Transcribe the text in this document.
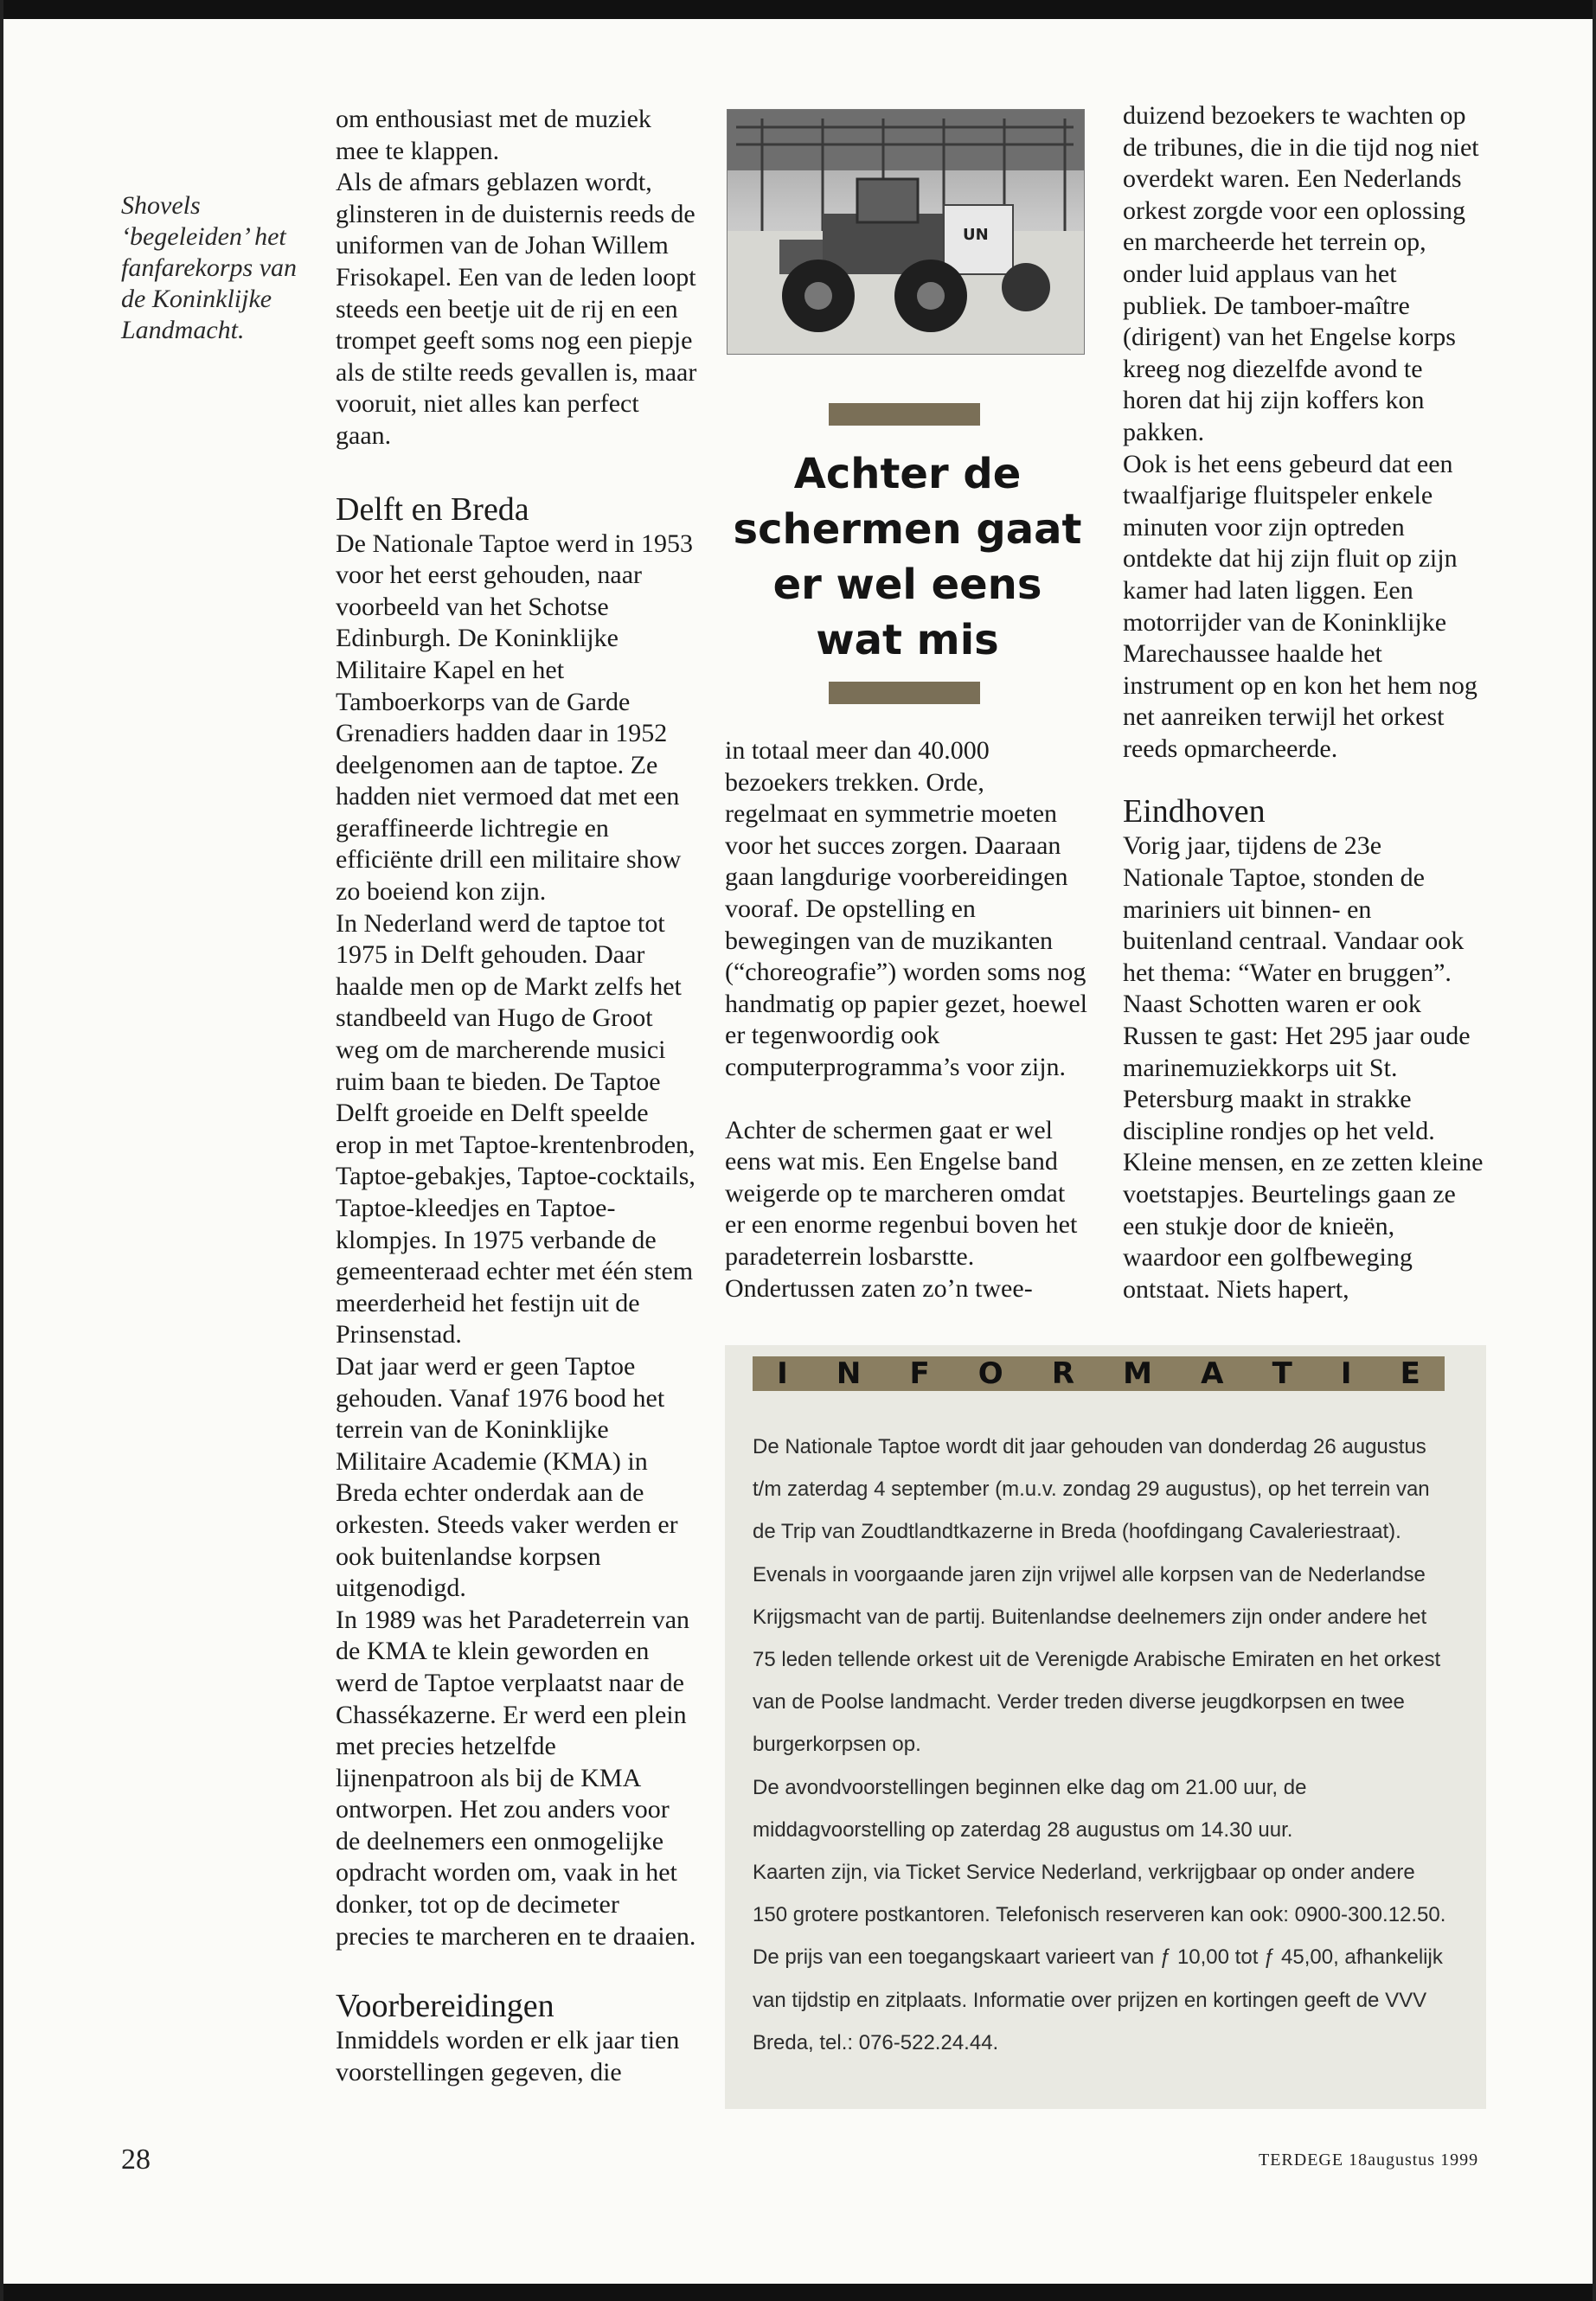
Shovels ‘begeleiden’ het fanfarekorps van de Koninklijke Landmacht.

om enthousiast met de muziek mee te klappen.

Als de afmars geblazen wordt, glinsteren in de duisternis reeds de uniformen van de Johan Willem Frisokapel. Een van de leden loopt steeds een beetje uit de rij en een trompet geeft soms nog een piepje als de stilte reeds gevallen is, maar vooruit, niet alles kan perfect gaan.

Delft en Breda

De Nationale Taptoe werd in 1953 voor het eerst gehouden, naar voorbeeld van het Schotse Edinburgh. De Koninklijke Militaire Kapel en het Tamboerkorps van de Garde Grenadiers hadden daar in 1952 deelgenomen aan de taptoe. Ze hadden niet vermoed dat met een geraffineerde lichtregie en efficiënte drill een militaire show zo boeiend kon zijn.

In Nederland werd de taptoe tot 1975 in Delft gehouden. Daar haalde men op de Markt zelfs het standbeeld van Hugo de Groot weg om de marcherende musici ruim baan te bieden. De Taptoe Delft groeide en Delft speelde erop in met Taptoe-krentenbroden, Taptoe-gebakjes, Taptoe-cocktails, Taptoe-kleedjes en Taptoe-klompjes. In 1975 verbande de gemeenteraad echter met één stem meerderheid het festijn uit de Prinsenstad.

Dat jaar werd er geen Taptoe gehouden. Vanaf 1976 bood het terrein van de Koninklijke Militaire Academie (KMA) in Breda echter onderdak aan de orkesten. Steeds vaker werden er ook buitenlandse korpsen uitgenodigd.

In 1989 was het Paradeterrein van de KMA te klein geworden en werd de Taptoe verplaatst naar de Chassékazerne. Er werd een plein met precies hetzelfde lijnenpatroon als bij de KMA ontworpen. Het zou anders voor de deelnemers een onmogelijke opdracht worden om, vaak in het donker, tot op de decimeter precies te marcheren en te draaien.

Voorbereidingen

Inmiddels worden er elk jaar tien voorstellingen gegeven, die

UN
Achter de schermen gaat er wel eens wat mis

in totaal meer dan 40.000 bezoekers trekken. Orde, regelmaat en symmetrie moeten voor het succes zorgen. Daaraan gaan langdurige voorbereidingen vooraf. De opstelling en bewegingen van de muzikanten (“choreografie”) worden soms nog handmatig op papier gezet, hoewel er tegenwoordig ook computerprogramma’s voor zijn.

Achter de schermen gaat er wel eens wat mis. Een Engelse band weigerde op te marcheren omdat er een enorme regenbui boven het paradeterrein losbarstte. Ondertussen zaten zo’n twee-

duizend bezoekers te wachten op de tribunes, die in die tijd nog niet overdekt waren. Een Nederlands orkest zorgde voor een oplossing en marcheerde het terrein op, onder luid applaus van het publiek. De tamboer-maître (dirigent) van het Engelse korps kreeg nog diezelfde avond te horen dat hij zijn koffers kon pakken.

Ook is het eens gebeurd dat een twaalfjarige fluitspeler enkele minuten voor zijn optreden ontdekte dat hij zijn fluit op zijn kamer had laten liggen. Een motorrijder van de Koninklijke Marechaussee haalde het instrument op en kon het hem nog net aanreiken terwijl het orkest reeds opmarcheerde.

Eindhoven

Vorig jaar, tijdens de 23e Nationale Taptoe, stonden de mariniers uit binnen- en buitenland centraal. Vandaar ook het thema: “Water en bruggen”.

Naast Schotten waren er ook Russen te gast: Het 295 jaar oude marinemuziekkorps uit St. Petersburg maakt in strakke discipline rondjes op het veld. Kleine mensen, en ze zetten kleine voetstapjes. Beurtelings gaan ze een stukje door de knieën, waardoor een golfbeweging ontstaat. Niets hapert,

I N F O R M A T I E

De Nationale Taptoe wordt dit jaar gehouden van donderdag 26 augustus t/m zaterdag 4 september (m.u.v. zondag 29 augustus), op het terrein van de Trip van Zoudtlandtkazerne in Breda (hoofdingang Cavaleriestraat).

Evenals in voorgaande jaren zijn vrijwel alle korpsen van de Nederlandse Krijgsmacht van de partij. Buitenlandse deelnemers zijn onder andere het 75 leden tellende orkest uit de Verenigde Arabische Emiraten en het orkest van de Poolse landmacht. Verder treden diverse jeugdkorpsen en twee burgerkorpsen op.

De avondvoorstellingen beginnen elke dag om 21.00 uur, de middagvoorstelling op zaterdag 28 augustus om 14.30 uur.

Kaarten zijn, via Ticket Service Nederland, verkrijgbaar op onder andere 150 grotere postkantoren. Telefonisch reserveren kan ook: 0900-300.12.50.

De prijs van een toegangskaart varieert van ƒ 10,00 tot ƒ 45,00, afhankelijk van tijdstip en zitplaats. Informatie over prijzen en kortingen geeft de VVV Breda, tel.: 076-522.24.44.

28	TERDEGE 18augustus 1999
